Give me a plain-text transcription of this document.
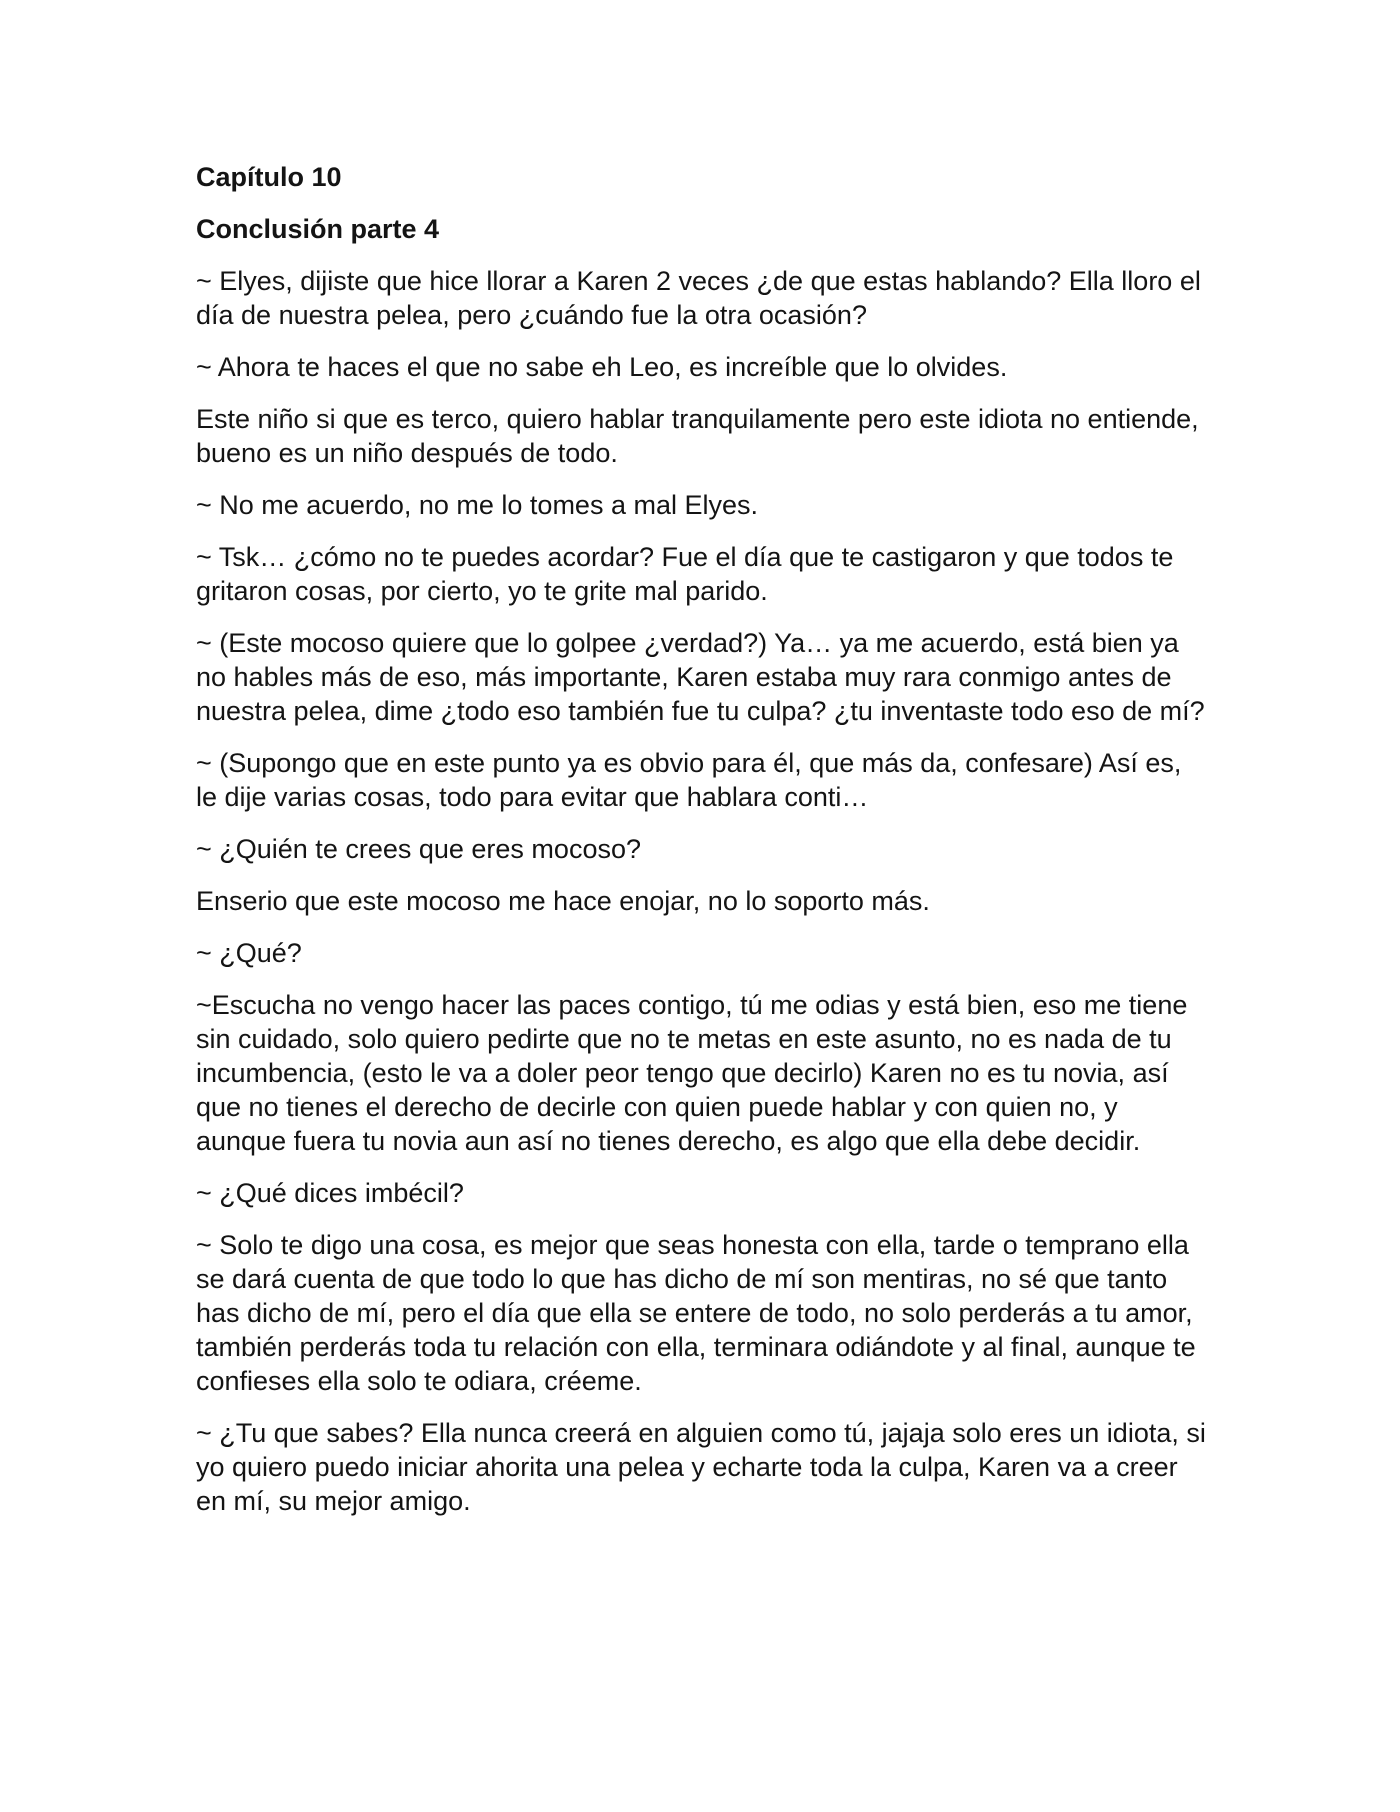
Capítulo 10

Conclusión parte 4

~ Elyes, dijiste que hice llorar a Karen 2 veces ¿de que estas hablando? Ella lloro el día de nuestra pelea, pero ¿cuándo fue la otra ocasión?

~ Ahora te haces el que no sabe eh Leo, es increíble que lo olvides.

Este niño si que es terco, quiero hablar tranquilamente pero este idiota no entiende, bueno es un niño después de todo.

~ No me acuerdo, no me lo tomes a mal Elyes.

~ Tsk… ¿cómo no te puedes acordar? Fue el día que te castigaron y que todos te gritaron cosas, por cierto, yo te grite mal parido.

~ (Este mocoso quiere que lo golpee ¿verdad?) Ya… ya me acuerdo, está bien ya no hables más de eso, más importante, Karen estaba muy rara conmigo antes de nuestra pelea, dime ¿todo eso también fue tu culpa? ¿tu inventaste todo eso de mí?

~ (Supongo que en este punto ya es obvio para él, que más da, confesare) Así es, le dije varias cosas, todo para evitar que hablara conti…

~ ¿Quién te crees que eres mocoso?

Enserio que este mocoso me hace enojar, no lo soporto más.

~ ¿Qué?

~Escucha no vengo hacer las paces contigo, tú me odias y está bien, eso me tiene sin cuidado, solo quiero pedirte que no te metas en este asunto, no es nada de tu incumbencia, (esto le va a doler peor tengo que decirlo) Karen no es tu novia, así que no tienes el derecho de decirle con quien puede hablar y con quien no, y aunque fuera tu novia aun así no tienes derecho, es algo que ella debe decidir.

~ ¿Qué dices imbécil?

~ Solo te digo una cosa, es mejor que seas honesta con ella, tarde o temprano ella se dará cuenta de que todo lo que has dicho de mí son mentiras, no sé que tanto has dicho de mí, pero el día que ella se entere de todo, no solo perderás a tu amor, también perderás toda tu relación con ella, terminara odiándote y al final, aunque te confieses ella solo te odiara, créeme.

~ ¿Tu que sabes? Ella nunca creerá en alguien como tú, jajaja solo eres un idiota, si yo quiero puedo iniciar ahorita una pelea y echarte toda la culpa, Karen va a creer en mí, su mejor amigo.
